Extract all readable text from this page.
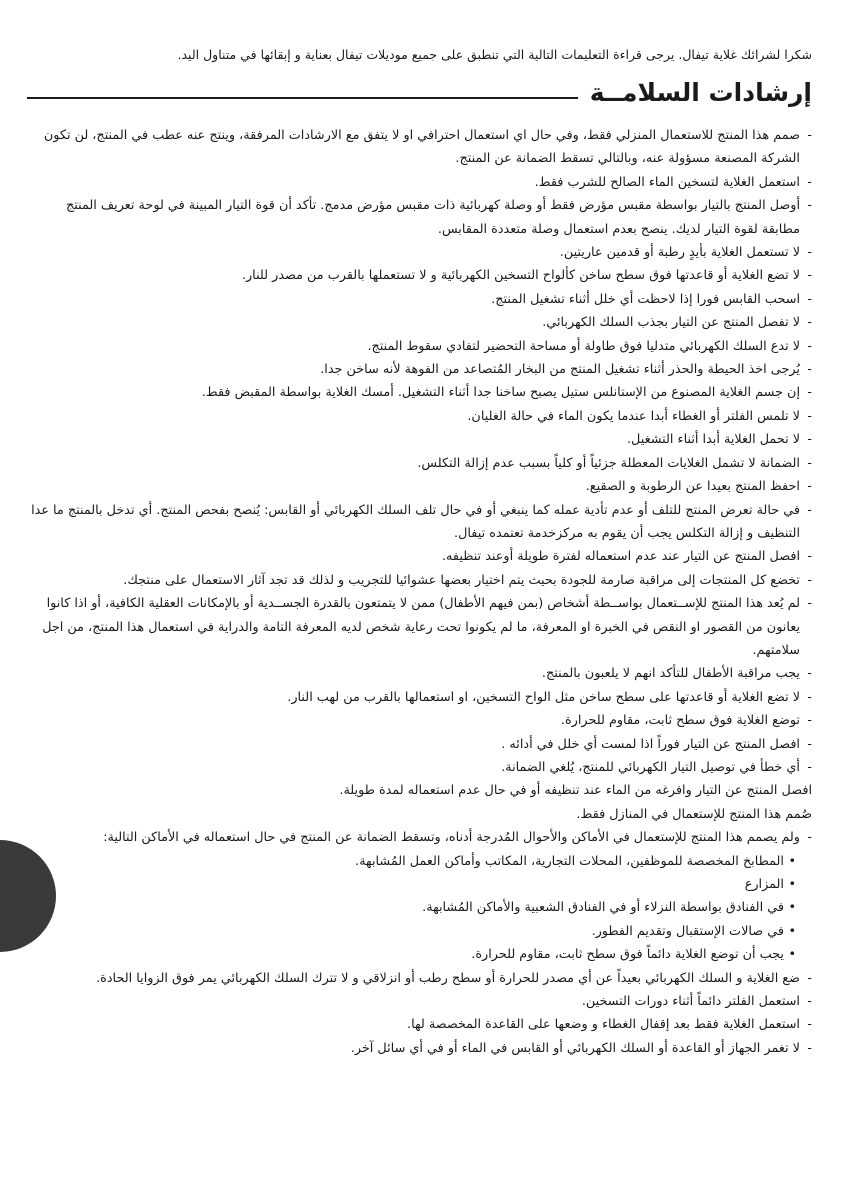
شكرا لشرائك غلاية تيفال. يرجى قراءة التعليمات التالية التي تنطبق على جميع موديلات تيفال بعناية و إبقائها في متناول اليد.

إرشادات السلامــة
- صمم هذا المنتج للاستعمال المنزلي فقط، وفي حال اي استعمال احترافي او لا يتفق مع الارشادات المرفقة، وينتج عنه عطب في المنتج، لن تكون الشركة المصنعة مسؤولة عنه، وبالتالي تسقط الضمانة عن المنتج.
- استعمل الغلاية لتسخين الماء الصالح للشرب فقط.
- أوصل المنتج بالتيار بواسطة مقبس مؤرض فقط أو وصلة كهربائية ذات مقبس مؤرض مدمج. تأكد أن قوة التيار المبينة في لوحة تعريف المنتج مطابقة لقوة التيار لديك. ينصح بعدم استعمال وصلة متعددة المقابس.
- لا تستعمل الغلاية بأيدٍ رطبة أو قدمين عاريتين.
- لا تضع الغلاية أو قاعدتها فوق سطح ساخن كألواح التسخين الكهربائية و لا تستعملها بالقرب من مصدر للنار.
- اسحب القابس فورا إذا لاحظت أي خلل أثناء تشغيل المنتج.
- لا تفصل المنتج عن التيار بجذب السلك الكهربائي.
- لا تدع السلك الكهربائي متدليا فوق طاولة أو مساحة التحضير لتفادي سقوط المنتج.
- يُرجى اخذ الحيطة والحذر أثناء تشغيل المنتج من البخار المُتصاعد من الفوهة لأنه ساخن جدا.
- إن جسم الغلاية المصنوع من الإستانلس ستيل يصبح ساخنا جدا أثناء التشغيل. أمسك الغلاية بواسطة المقبض فقط.
- لا تلمس الفلتر أو الغطاء أبدا عندما يكون الماء في حالة الغليان.
- لا تحمل الغلاية أبدا أثناء التشغيل.
- الضمانة لا تشمل الغلايات المعطلة جزئياً أو كلياً بسبب عدم إزالة التكلس.
- احفظ المنتج بعيدا عن الرطوبة و الصقيع.
- في حالة تعرض المنتج للتلف أو عدم تأدية عمله كما ينبغي أو في حال تلف السلك الكهربائي أو القابس: يُنصح بفحص المنتج. أي تدخل بالمنتج ما عدا التنظيف و إزالة التكلس يجب أن يقوم به مركزخدمة تعتمده تيفال.
- افصل المنتج عن التيار عند عدم استعماله لفترة طويلة أوعند تنظيفه.
- تخضع كل المنتجات إلى مراقبة صارمة للجودة بحيث يتم اختيار بعضها عشوائيا للتجريب و لذلك قد تجد آثار الاستعمال على منتجك.
- لم يُعد هذا المنتج للإســتعمال بواســطة أشخاص (بمن فيهم الأطفال) ممن لا يتمتعون بالقدرة الجســدية أو بالإمكانات العقلية الكافية، أو اذا كانوا يعانون من القصور او النقص في الخبرة او المعرفة، ما لم يكونوا تحت رعاية شخص لديه المعرفة التامة والدراية في استعمال هذا المنتج، من اجل سلامتهم.
- يجب مراقبة الأطفال للتأكد انهم لا يلعبون بالمنتج.
- لا تضع الغلاية أو قاعدتها على سطح ساخن مثل الواح التسخين، او استعمالها بالقرب من لهب النار.
- توضع الغلاية فوق سطح ثابت، مقاوم للحرارة.
- افصل المنتج عن التيار فوراً اذا لمست أي خلل في أدائه .
- أي خطأ في توصيل التيار الكهربائي للمنتج، يُلغي الضمانة.
افصل المنتج عن التيار وافرغه من الماء عند تنظيفه أو في حال عدم استعماله لمدة طويلة.
صُمم هذا المنتج للإستعمال في المنازل فقط.
- ولم يصمم هذا المنتج للإستعمال في الأماكن والأحوال المُدرجة أدناه، وتسقط الضمانة عن المنتج في حال استعماله في الأماكن التالية:
• المطابخ المخصصة للموظفين، المحلات التجارية، المكاتب وأماكن العمل المُشابهة.
• المزارع
• في الفنادق بواسطة النزلاء أو في الفنادق الشعبية والأماكن المُشابهة.
• في صالات الإستقبال وتقديم الفطور.
• يجب أن توضع الغلاية دائماً فوق سطح ثابت، مقاوم للحرارة.
- ضع الغلاية و السلك الكهربائي بعيداً عن أي مصدر للحرارة أو سطح رطب أو انزلاقي و لا تترك السلك الكهربائي يمر فوق الزوايا الحادة.
- استعمل الفلتر دائماً أثناء دورات التسخين.
- استعمل الغلاية فقط بعد إقفال الغطاء و وضعها على القاعدة المخصصة لها.
- لا تغمر الجهاز أو القاعدة أو السلك الكهربائي أو القابس في الماء أو في أي سائل آخر.
